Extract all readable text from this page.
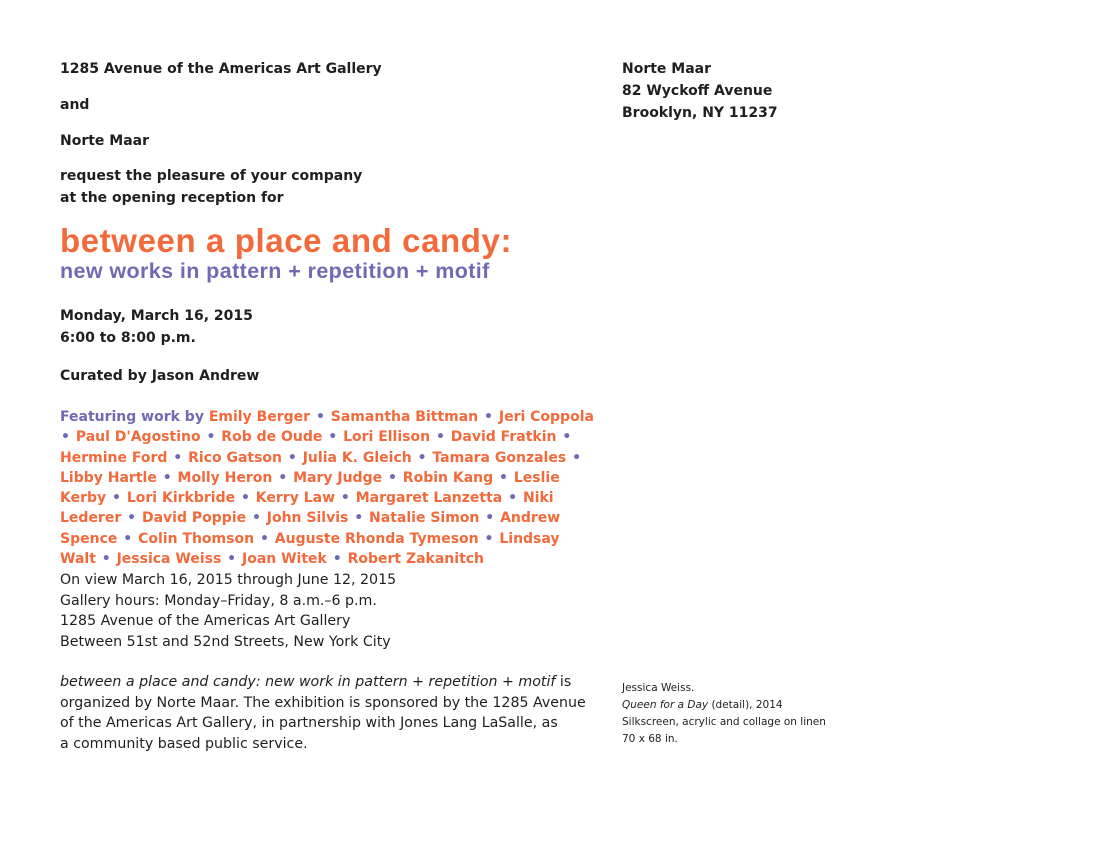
1285 Avenue of the Americas Art Gallery
and
Norte Maar
request the pleasure of your company
at the opening reception for
Norte Maar
82 Wyckoff Avenue
Brooklyn, NY 11237
between a place and candy:
new works in pattern + repetition + motif
Monday, March 16, 2015
6:00 to 8:00 p.m.
Curated by Jason Andrew
Featuring work by Emily Berger • Samantha Bittman • Jeri Coppola • Paul D'Agostino • Rob de Oude • Lori Ellison • David Fratkin • Hermine Ford • Rico Gatson • Julia K. Gleich • Tamara Gonzales • Libby Hartle • Molly Heron • Mary Judge • Robin Kang • Leslie Kerby • Lori Kirkbride • Kerry Law • Margaret Lanzetta • Niki Lederer • David Poppie • John Silvis • Natalie Simon • Andrew Spence • Colin Thomson • Auguste Rhonda Tymeson • Lindsay Walt • Jessica Weiss • Joan Witek • Robert Zakanitch
On view March 16, 2015 through June 12, 2015
Gallery hours: Monday–Friday, 8 a.m.–6 p.m.
1285 Avenue of the Americas Art Gallery
Between 51st and 52nd Streets, New York City
between a place and candy: new work in pattern + repetition + motif is
organized by Norte Maar. The exhibition is sponsored by the 1285 Avenue
of the Americas Art Gallery, in partnership with Jones Lang LaSalle, as
a community based public service.
Jessica Weiss.
Queen for a Day (detail), 2014
Silkscreen, acrylic and collage on linen
70 x 68 in.
